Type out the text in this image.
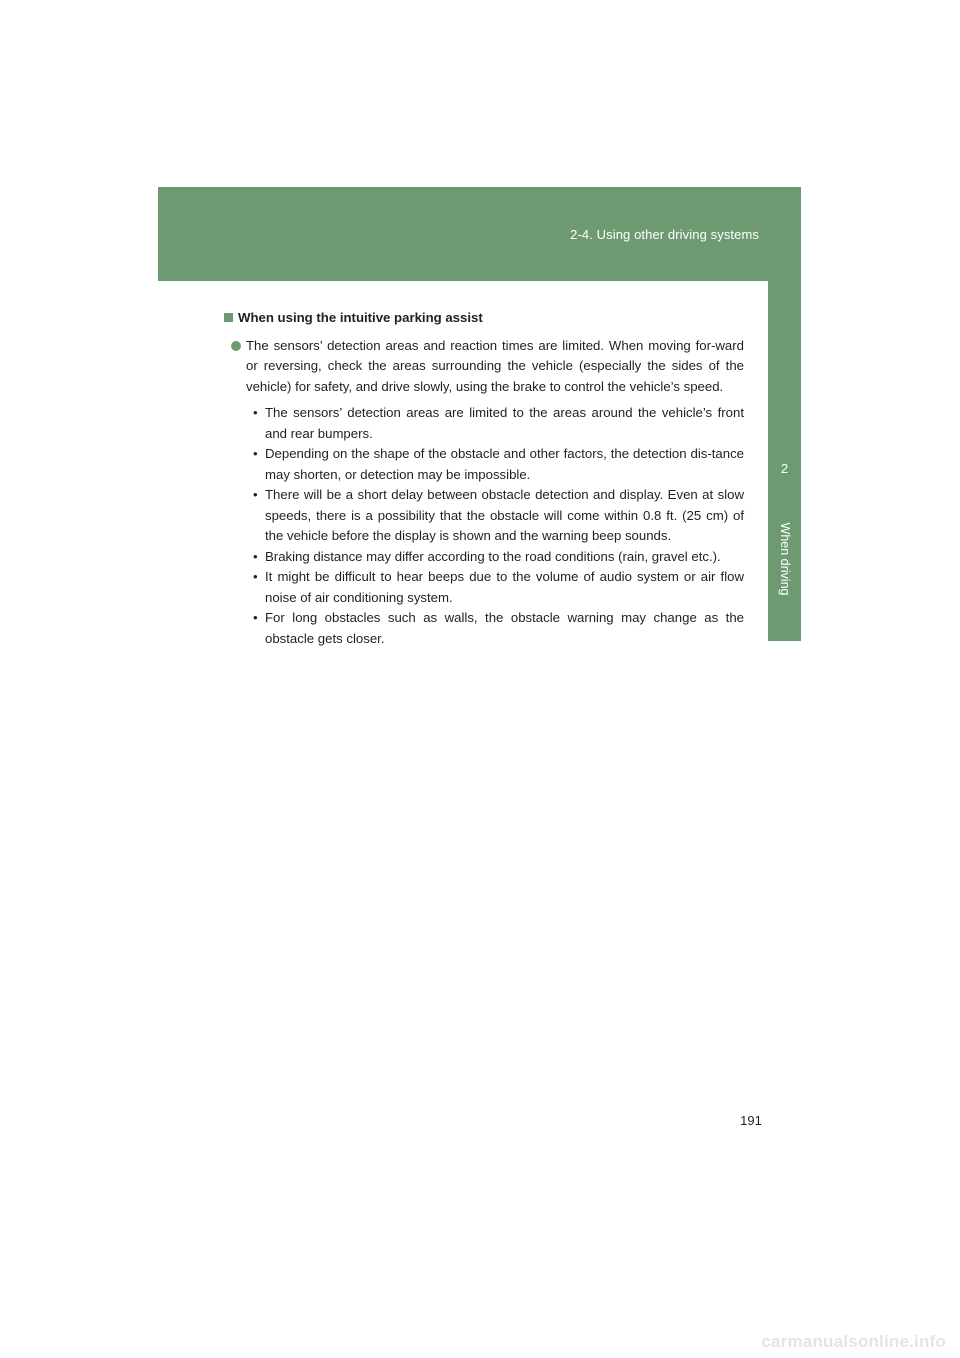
2-4. Using other driving systems
2
When driving
When using the intuitive parking assist
The sensors’ detection areas and reaction times are limited. When moving for-ward or reversing, check the areas surrounding the vehicle (especially the sides of the vehicle) for safety, and drive slowly, using the brake to control the vehicle’s speed.
• The sensors’ detection areas are limited to the areas around the vehicle’s front and rear bumpers.
• Depending on the shape of the obstacle and other factors, the detection dis-tance may shorten, or detection may be impossible.
• There will be a short delay between obstacle detection and display. Even at slow speeds, there is a possibility that the obstacle will come within 0.8 ft. (25 cm) of the vehicle before the display is shown and the warning beep sounds.
• Braking distance may differ according to the road conditions (rain, gravel etc.).
• It might be difficult to hear beeps due to the volume of audio system or air flow noise of air conditioning system.
• For long obstacles such as walls, the obstacle warning may change as the obstacle gets closer.
191
carmanualsonline.info
